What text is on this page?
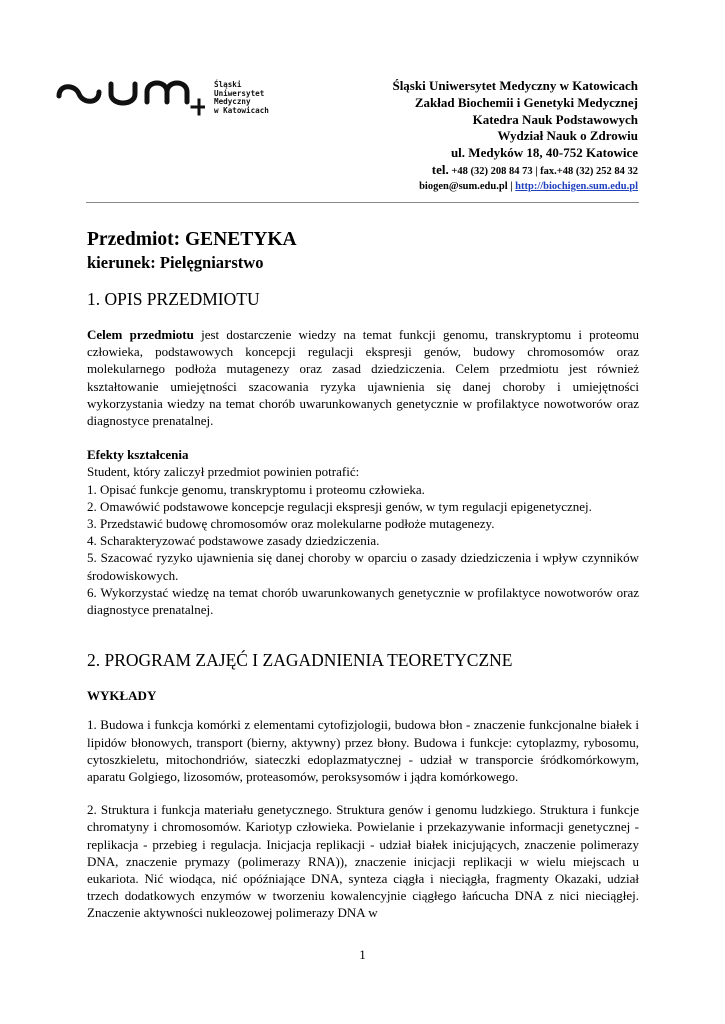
Śląski
Uniwersytet
Medyczny
w Katowicach
Śląski Uniwersytet Medyczny w Katowicach
Zakład Biochemii i Genetyki Medycznej
Katedra Nauk Podstawowych
Wydział Nauk o Zdrowiu
ul. Medyków 18, 40-752 Katowice
tel. +48 (32) 208 84 73 | fax.+48 (32) 252 84 32
biogen@sum.edu.pl | http://biochigen.sum.edu.pl
Przedmiot: GENETYKA
kierunek: Pielęgniarstwo
1. OPIS PRZEDMIOTU

Celem przedmiotu jest dostarczenie wiedzy na temat funkcji genomu, transkryptomu i proteomu człowieka, podstawowych koncepcji regulacji ekspresji genów, budowy chromosomów oraz molekularnego podłoża mutagenezy oraz zasad dziedziczenia. Celem przedmiotu jest również kształtowanie umiejętności szacowania ryzyka ujawnienia się danej choroby i umiejętności wykorzystania wiedzy na temat chorób uwarunkowanych genetycznie w profilaktyce nowotworów oraz diagnostyce prenatalnej.

Efekty kształcenia
Student, który zaliczył przedmiot powinien potrafić:
1. Opisać funkcje genomu, transkryptomu i proteomu człowieka.
2. Omawówić podstawowe koncepcje regulacji ekspresji genów, w tym regulacji epigenetycznej.
3. Przedstawić budowę chromosomów oraz molekularne podłoże mutagenezy.
4. Scharakteryzować podstawowe zasady dziedziczenia.
5. Szacować ryzyko ujawnienia się danej choroby w oparciu o zasady dziedziczenia i wpływ czynników środowiskowych.
6. Wykorzystać wiedzę na temat chorób uwarunkowanych genetycznie w profilaktyce nowotworów oraz diagnostyce prenatalnej.
2. PROGRAM ZAJĘĆ I ZAGADNIENIA TEORETYCZNE
WYKŁADY

1. Budowa i funkcja komórki z elementami cytofizjologii, budowa błon - znaczenie funkcjonalne białek i lipidów błonowych, transport (bierny, aktywny) przez błony. Budowa i funkcje: cytoplazmy, rybosomu, cytoszkieletu, mitochondriów, siateczki edoplazmatycznej - udział w transporcie śródkomórkowym, aparatu Golgiego, lizosomów, proteasomów, peroksysomów i jądra komórkowego.

2. Struktura i funkcja materiału genetycznego. Struktura genów i genomu ludzkiego. Struktura i funkcje chromatyny i chromosomów. Kariotyp człowieka. Powielanie i przekazywanie informacji genetycznej - replikacja - przebieg i regulacja. Inicjacja replikacji - udział białek inicjujących, znaczenie polimerazy DNA, znaczenie prymazy (polimerazy RNA)), znaczenie inicjacji replikacji w wielu miejscach u eukariota. Nić wiodąca, nić opóźniające DNA, synteza ciągła i nieciągła, fragmenty Okazaki, udział trzech dodatkowych enzymów w tworzeniu kowalencyjnie ciągłego łańcucha DNA z nici nieciągłej. Znaczenie aktywności nukleozowej polimerazy DNA w

1
